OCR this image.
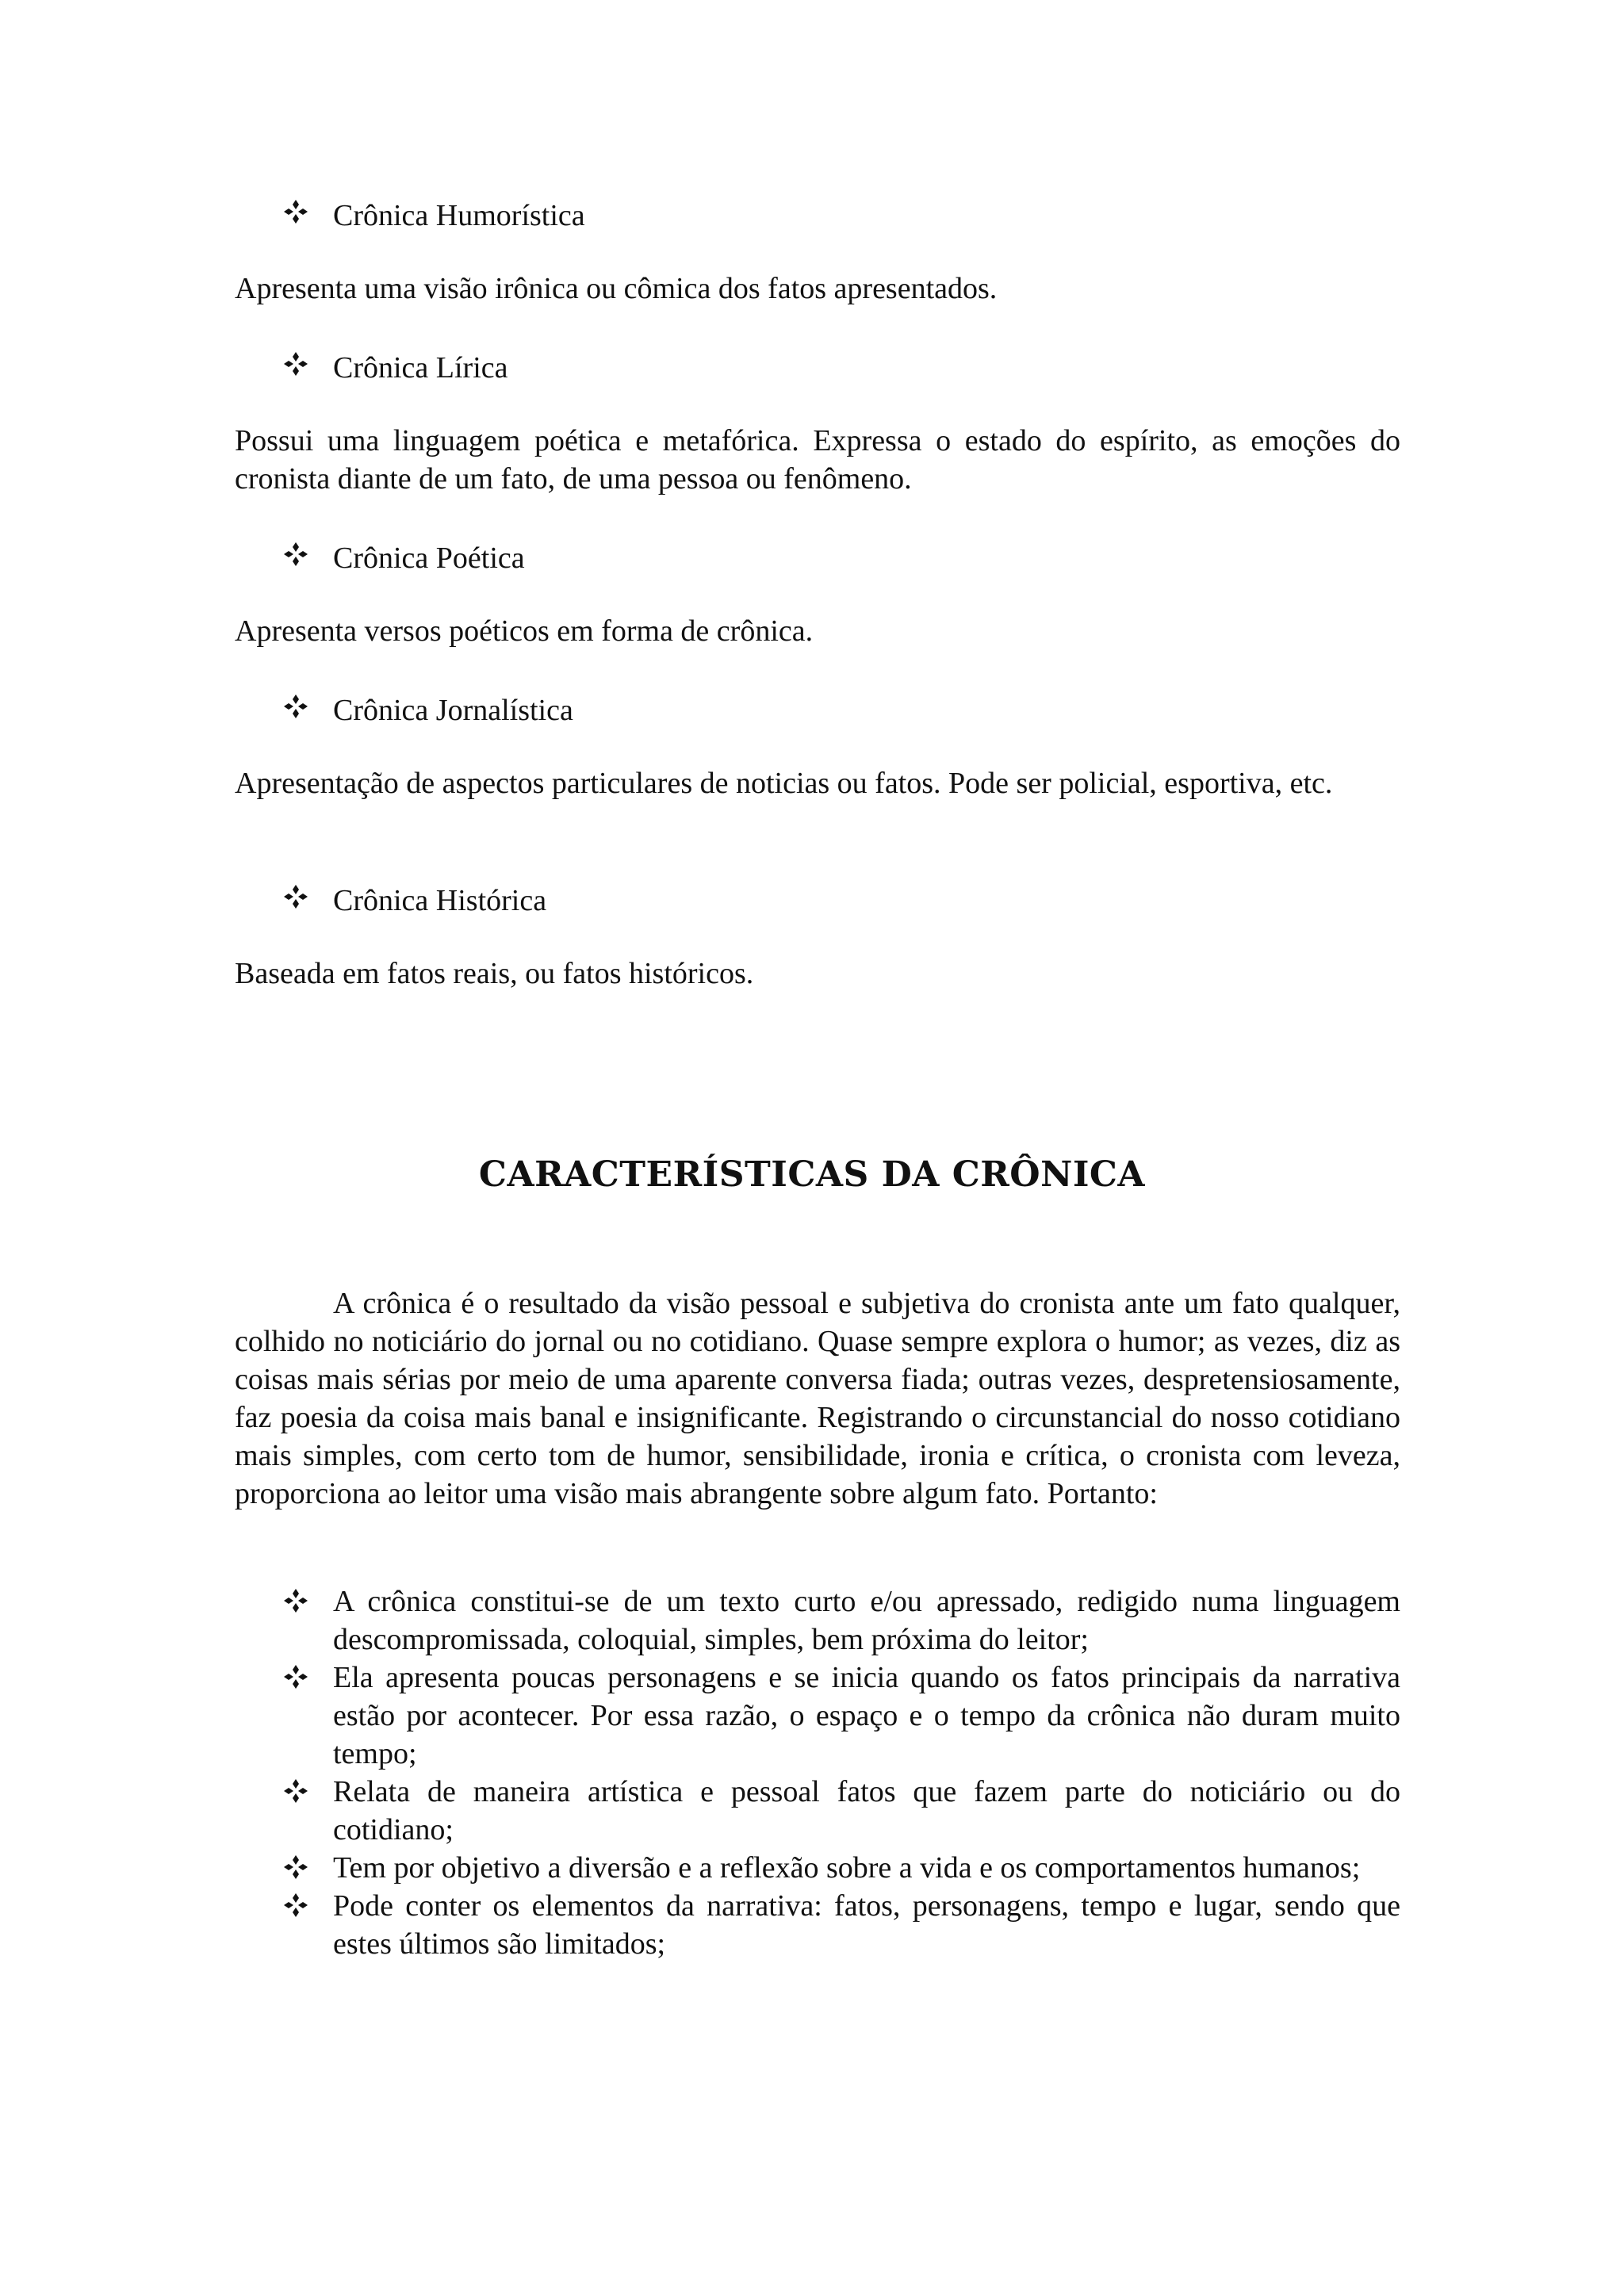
Crônica Humorística
Apresenta uma visão irônica ou cômica dos fatos apresentados.
Crônica Lírica
Possui uma linguagem poética e metafórica. Expressa o estado do espírito, as emoções do cronista diante de um fato, de uma pessoa ou fenômeno.
Crônica Poética
Apresenta versos poéticos em forma de crônica.
Crônica Jornalística
Apresentação de aspectos particulares de noticias ou fatos. Pode ser policial, esportiva, etc.
Crônica Histórica
Baseada em fatos reais, ou fatos históricos.
CARACTERÍSTICAS DA CRÔNICA
A crônica é o resultado da visão pessoal e subjetiva do cronista ante um fato qualquer, colhido no noticiário do jornal ou no cotidiano. Quase sempre explora o humor; as vezes, diz as coisas mais sérias por meio de uma aparente conversa fiada; outras vezes, despretensiosamente, faz poesia da coisa mais banal e insignificante. Registrando o circunstancial do nosso cotidiano mais simples, com certo tom de humor, sensibilidade, ironia e crítica, o cronista com leveza, proporciona ao leitor uma visão mais abrangente sobre algum fato. Portanto:
A crônica constitui-se de um texto curto e/ou apressado, redigido numa linguagem descompromissada, coloquial, simples, bem próxima do leitor;
Ela apresenta poucas personagens e se inicia quando os fatos principais da narrativa estão por acontecer. Por essa razão, o espaço e o tempo da crônica não duram muito tempo;
Relata de maneira artística e pessoal fatos que fazem parte do noticiário ou do cotidiano;
Tem por objetivo a diversão e a reflexão sobre a vida e os comportamentos humanos;
Pode conter os elementos da narrativa: fatos, personagens, tempo e lugar, sendo que estes últimos são limitados;
